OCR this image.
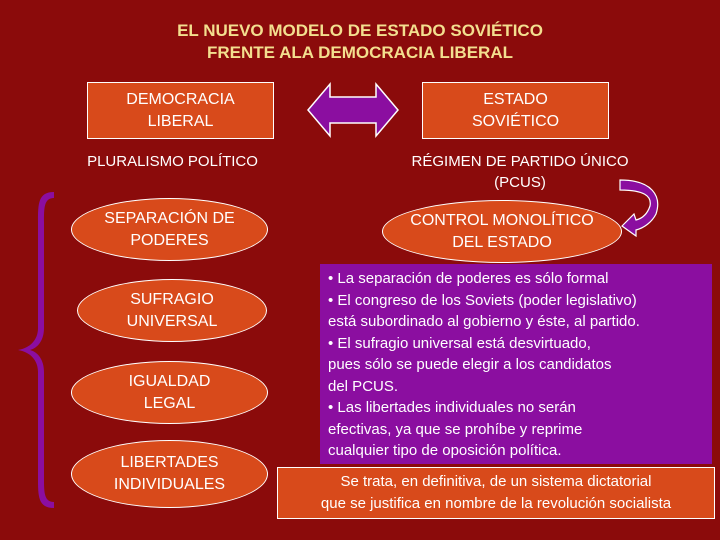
EL NUEVO MODELO DE ESTADO SOVIÉTICO
FRENTE ALA DEMOCRACIA LIBERAL
DEMOCRACIA
LIBERAL
ESTADO
SOVIÉTICO
PLURALISMO POLÍTICO	RÉGIMEN DE PARTIDO ÚNICO
(PCUS)
SEPARACIÓN DE
PODERES
SUFRAGIO
UNIVERSAL
IGUALDAD
LEGAL
LIBERTADES
INDIVIDUALES
CONTROL MONOLÍTICO
DEL ESTADO
• La separación de poderes es sólo formal
• El congreso de los Soviets (poder legislativo)
está subordinado al gobierno y éste, al partido.
• El sufragio universal está desvirtuado,
pues sólo se puede elegir a los candidatos
del PCUS.
• Las libertades individuales no serán
efectivas, ya que se prohíbe y reprime
cualquier tipo de oposición política.
Se trata, en definitiva, de un sistema dictatorial
que se justifica en nombre de la revolución socialista
